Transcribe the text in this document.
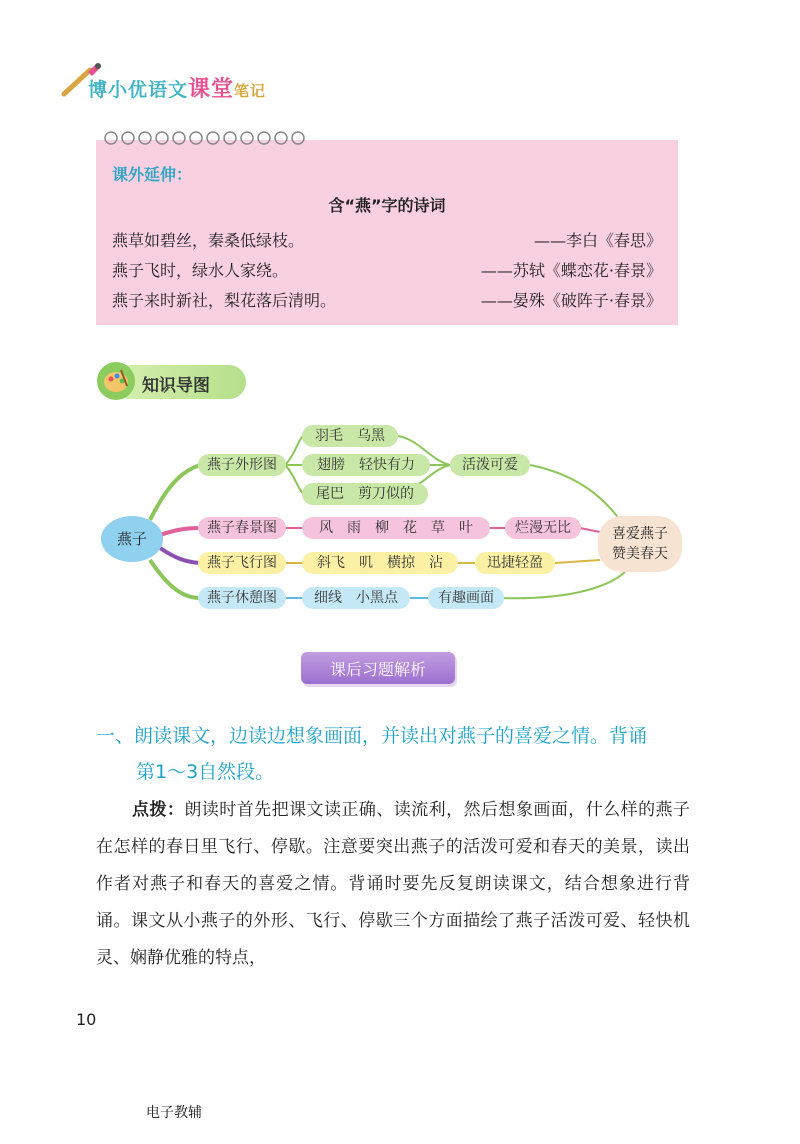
博小优语文课堂笔记
课外延伸：
含“燕”字的诗词
燕草如碧丝，秦桑低绿枝。	——李白《春思》
燕子飞时，绿水人家绕。	——苏轼《蝶恋花·春景》
燕子来时新社，梨花落后清明。	——晏殊《破阵子·春景》
知识导图
燕子
燕子外形图
羽毛　乌黑
翅膀　轻快有力
尾巴　剪刀似的
活泼可爱
燕子春景图	风　雨　柳　花　草　叶	烂漫无比
燕子飞行图	斜飞　叽　横掠　沾	迅捷轻盈
燕子休憩图	细线　小黑点	有趣画面
喜爱燕子
赞美春天
课后习题解析
一、朗读课文，边读边想象画面，并读出对燕子的喜爱之情。背诵
第1～3自然段。
点拨：朗读时首先把课文读正确、读流利，然后想象画面，什么样的燕子在怎样的春日里飞行、停歇。注意要突出燕子的活泼可爱和春天的美景，读出作者对燕子和春天的喜爱之情。背诵时要先反复朗读课文，结合想象进行背诵。课文从小燕子的外形、飞行、停歇三个方面描绘了燕子活泼可爱、轻快机灵、娴静优雅的特点，
10
电子教辅
